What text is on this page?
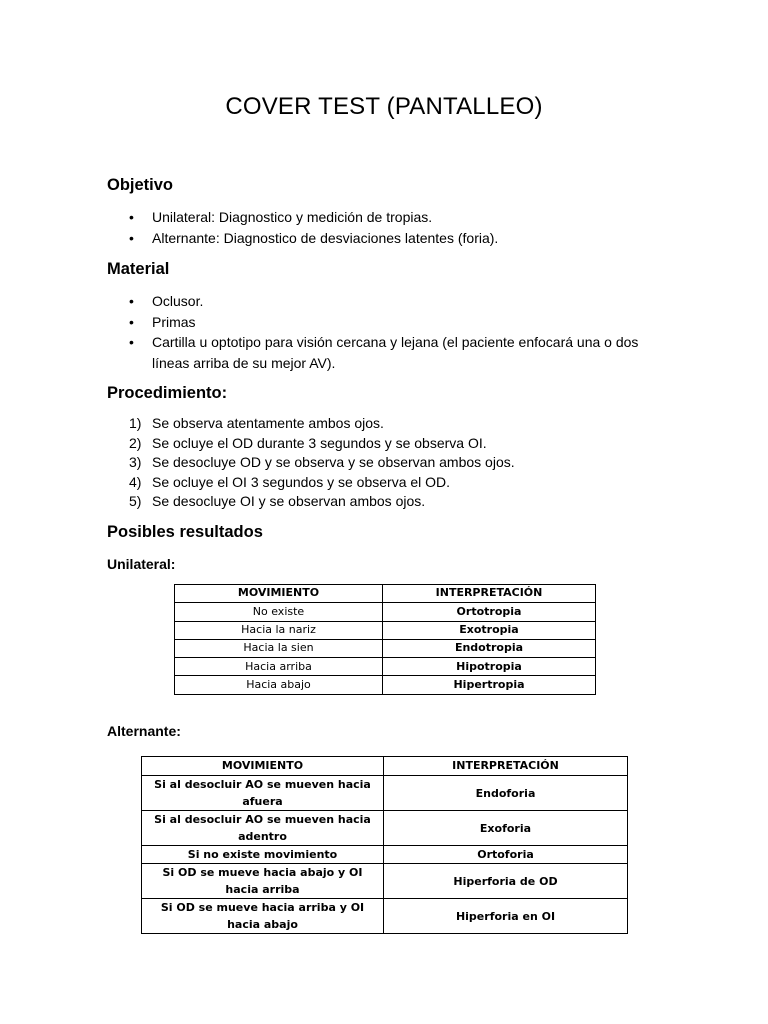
COVER TEST (PANTALLEO)
Objetivo
• Unilateral: Diagnostico y medición de tropias.
• Alternante: Diagnostico de desviaciones latentes (foria).
Material
• Oclusor.
• Primas
• Cartilla u optotipo para visión cercana y lejana (el paciente enfocará una o dos líneas arriba de su mejor AV).
Procedimiento:
1) Se observa atentamente ambos ojos.
2) Se ocluye el OD durante 3 segundos y se observa OI.
3) Se desocluye OD y se observa y se observan ambos ojos.
4) Se ocluye el OI 3 segundos y se observa el OD.
5) Se desocluye OI y se observan ambos ojos.
Posibles resultados
Unilateral:
MOVIMIENTO	INTERPRETACIÓN
No existe	Ortotropia
Hacia la nariz	Exotropia
Hacia la sien	Endotropia
Hacia arriba	Hipotropia
Hacia abajo	Hipertropia
Alternante:
MOVIMIENTO	INTERPRETACIÓN
Si al desocluir AO se mueven hacia afuera	Endoforia
Si al desocluir AO se mueven hacia adentro	Exoforia
Si no existe movimiento	Ortoforia
Si OD se mueve hacia abajo y OI hacia arriba	Hiperforia de OD
Si OD se mueve hacia arriba y OI hacia abajo	Hiperforia en OI
